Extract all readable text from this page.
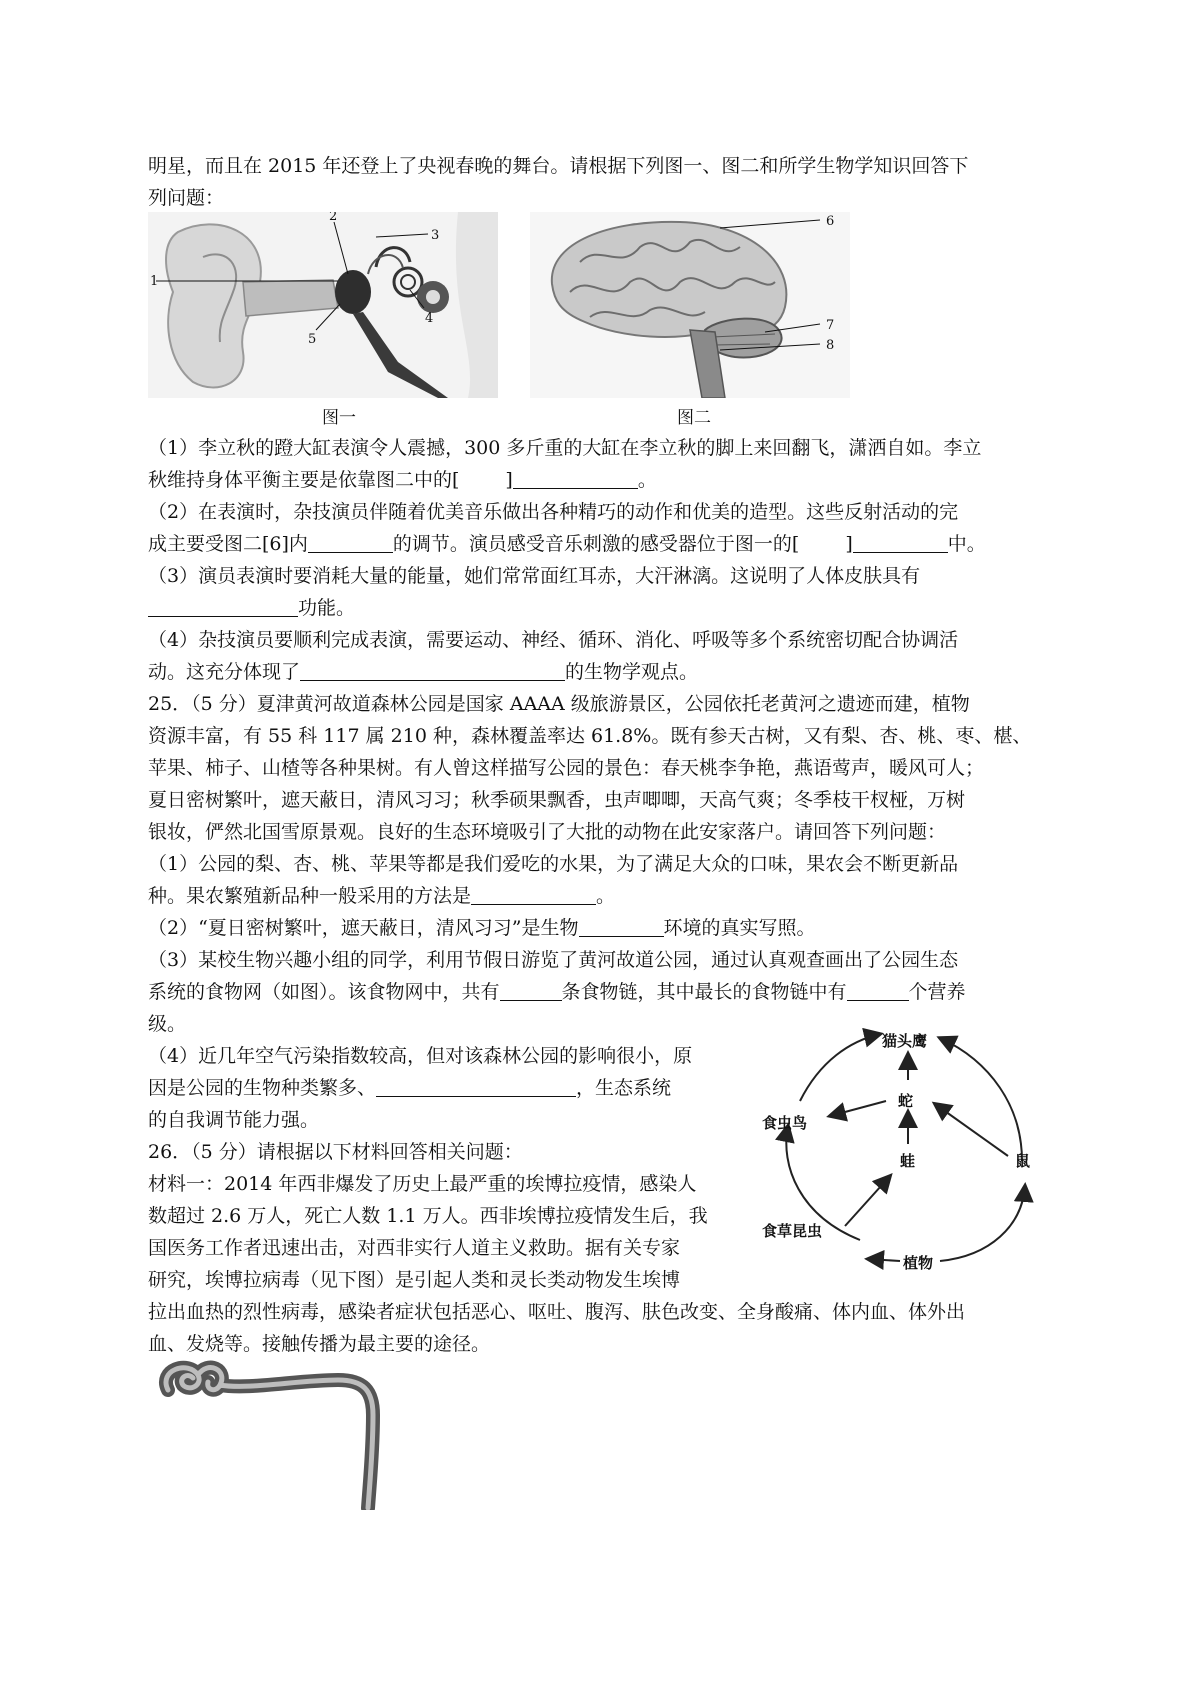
明星，而且在 2015 年还登上了央视春晚的舞台。请根据下列图一、图二和所学生物学知识回答下
列问题：
1
2
3
4
5
图一
6
7
8
图二
（1）李立秋的蹬大缸表演令人震撼，300 多斤重的大缸在李立秋的脚上来回翻飞，潇洒自如。李立
秋维持身体平衡主要是依靠图二中的[ ]	。
（2）在表演时，杂技演员伴随着优美音乐做出各种精巧的动作和优美的造型。这些反射活动的完
成主要受图二[6]内	的调节。演员感受音乐刺激的感受器位于图一的[ ]	中。
（3）演员表演时要消耗大量的能量，她们常常面红耳赤，大汗淋漓。这说明了人体皮肤具有
功能。
（4）杂技演员要顺利完成表演，需要运动、神经、循环、消化、呼吸等多个系统密切配合协调活
动。这充分体现了	的生物学观点。
25．（5 分）夏津黄河故道森林公园是国家 AAAA 级旅游景区，公园依托老黄河之遗迹而建，植物
资源丰富，有 55 科 117 属 210 种，森林覆盖率达 61.8%。既有参天古树，又有梨、杏、桃、枣、椹、
苹果、柿子、山楂等各种果树。有人曾这样描写公园的景色：春天桃李争艳，燕语莺声，暖风可人；
夏日密树繁叶，遮天蔽日，清风习习；秋季硕果飘香，虫声唧唧，天高气爽；冬季枝干杈桠，万树
银妆，俨然北国雪原景观。良好的生态环境吸引了大批的动物在此安家落户。请回答下列问题：
（1）公园的梨、杏、桃、苹果等都是我们爱吃的水果，为了满足大众的口味，果农会不断更新品
种。果农繁殖新品种一般采用的方法是	。
（2）“夏日密树繁叶，遮天蔽日，清风习习”是生物	环境的真实写照。
（3）某校生物兴趣小组的同学，利用节假日游览了黄河故道公园，通过认真观查画出了公园生态
系统的食物网（如图）。该食物网中，共有	条食物链，其中最长的食物链中有	个营养
级。
（4）近几年空气污染指数较高，但对该森林公园的影响很小，原
因是公园的生物种类繁多、	，生态系统
的自我调节能力强。
26．（5 分）请根据以下材料回答相关问题：
材料一：2014 年西非爆发了历史上最严重的埃博拉疫情，感染人
数超过 2.6 万人，死亡人数 1.1 万人。西非埃博拉疫情发生后，我
国医务工作者迅速出击，对西非实行人道主义救助。据有关专家
研究，埃博拉病毒（见下图）是引起人类和灵长类动物发生埃博
拉出血热的烈性病毒，感染者症状包括恶心、呕吐、腹泻、肤色改变、全身酸痛、体内血、体外出
血、发烧等。接触传播为最主要的途径。
猫头鹰
蛇
食虫鸟
蛙	鼠
食草昆虫
植物
